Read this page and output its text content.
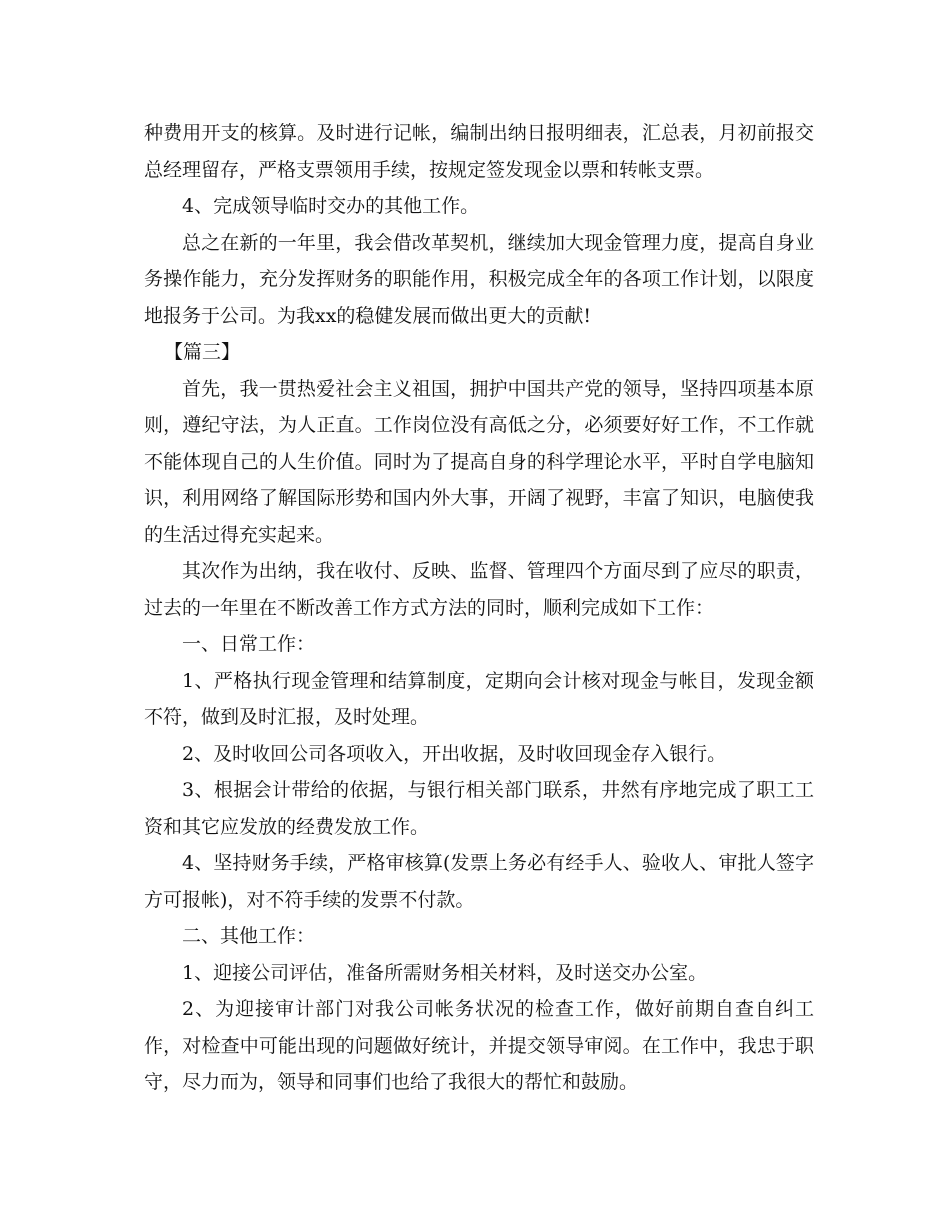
种费用开支的核算。及时进行记帐，编制出纳日报明细表，汇总表，月初前报交总经理留存，严格支票领用手续，按规定签发现金以票和转帐支票。

4、完成领导临时交办的其他工作。

总之在新的一年里，我会借改革契机，继续加大现金管理力度，提高自身业务操作能力，充分发挥财务的职能作用，积极完成全年的各项工作计划，以限度地报务于公司。为我xx的稳健发展而做出更大的贡献!

【篇三】

首先，我一贯热爱社会主义祖国，拥护中国共产党的领导，坚持四项基本原则，遵纪守法，为人正直。工作岗位没有高低之分，必须要好好工作，不工作就不能体现自己的人生价值。同时为了提高自身的科学理论水平，平时自学电脑知识，利用网络了解国际形势和国内外大事，开阔了视野，丰富了知识，电脑使我的生活过得充实起来。

其次作为出纳，我在收付、反映、监督、管理四个方面尽到了应尽的职责，过去的一年里在不断改善工作方式方法的同时，顺利完成如下工作：

一、日常工作：

1、严格执行现金管理和结算制度，定期向会计核对现金与帐目，发现金额不符，做到及时汇报，及时处理。

2、及时收回公司各项收入，开出收据，及时收回现金存入银行。

3、根据会计带给的依据，与银行相关部门联系，井然有序地完成了职工工资和其它应发放的经费发放工作。

4、坚持财务手续，严格审核算(发票上务必有经手人、验收人、审批人签字方可报帐)，对不符手续的发票不付款。

二、其他工作：

1、迎接公司评估，准备所需财务相关材料，及时送交办公室。

2、为迎接审计部门对我公司帐务状况的检查工作，做好前期自查自纠工作，对检查中可能出现的问题做好统计，并提交领导审阅。在工作中，我忠于职守，尽力而为，领导和同事们也给了我很大的帮忙和鼓励。
